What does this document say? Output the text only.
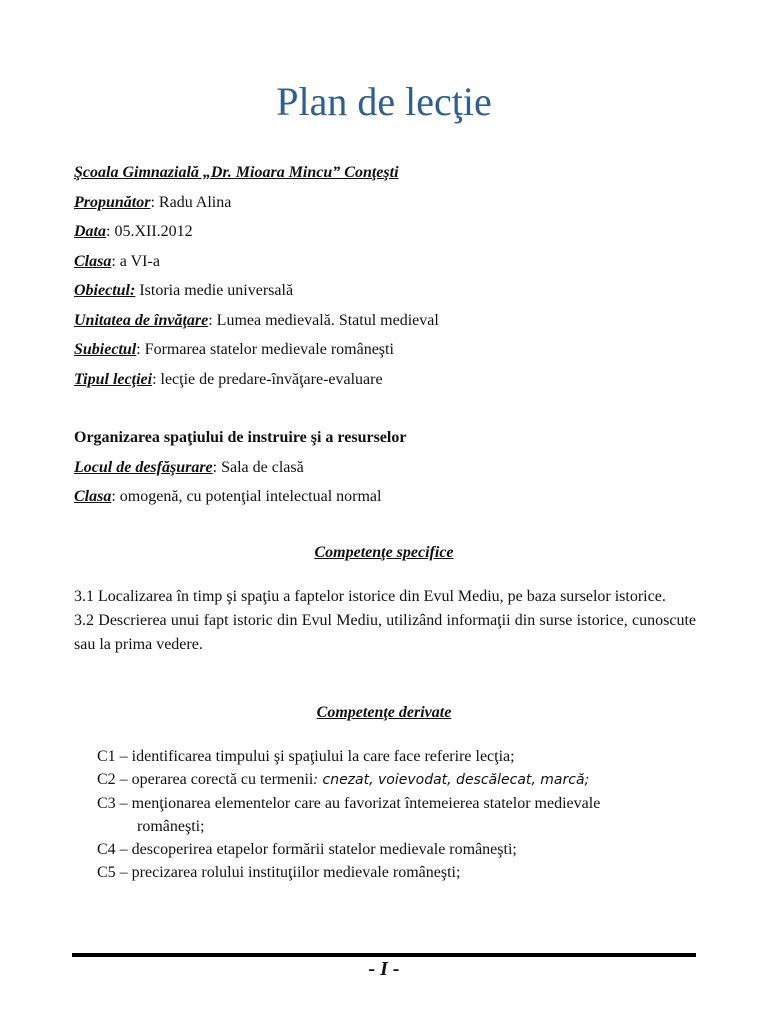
Plan de lecţie
Şcoala Gimnazială „Dr. Mioara Mincu” Conţeşti
Propunător: Radu Alina
Data: 05.XII.2012
Clasa: a VI-a
Obiectul: Istoria medie universală
Unitatea de învăţare: Lumea medievală. Statul medieval
Subiectul: Formarea statelor medievale româneşti
Tipul lecţiei: lecţie de predare-învăţare-evaluare
Organizarea spaţiului de instruire şi a resurselor
Locul de desfăşurare: Sala de clasă
Clasa: omogenă, cu potenţial intelectual normal
Competenţe specifice
3.1 Localizarea în timp şi spaţiu a faptelor istorice din Evul Mediu, pe baza surselor istorice.
3.2 Descrierea unui fapt istoric din Evul Mediu, utilizând informaţii din surse istorice, cunoscute sau la prima vedere.
Competenţe derivate
C1 – identificarea timpului şi spaţiului la care face referire lecţia;
C2 – operarea corectă cu termenii: cnezat, voievodat, descălecat, marcă;
C3 – menţionarea elementelor care au favorizat întemeierea statelor medievale
româneşti;
C4 – descoperirea etapelor formării statelor medievale româneşti;
C5 – precizarea rolului instituţiilor medievale româneşti;
- I -
